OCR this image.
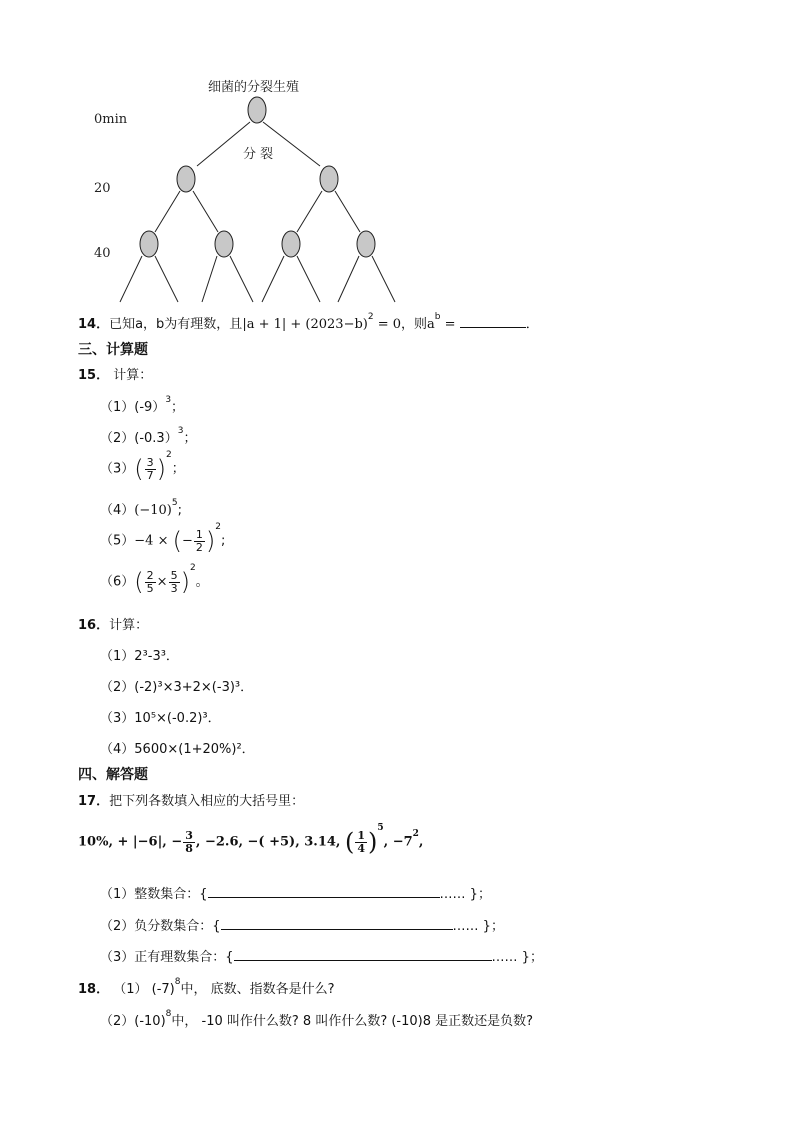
细菌的分裂生殖
分 裂
0min
20
40
14．已知a，b为有理数，且$|a + 1| + (2023-b)^2 = 0$，则$a^b$ =	．
三、计算题
15． 计算：
（1）(-9）$^3$；
（2）(-0.3）$^3$；
$(3)( \frac{3}{7} )^2$；
$(4)(-10)^5$;
（5）−4 × (− $\frac{1}{2} )^2$;
$(6)( \frac{2}{5} \times \frac{5}{3} )^2$。
16．计算：
（1）2³-3³．
（2）(-2)³×3+2×(-3)³．
（3）10⁵×(-0.2)³．
（4）5600×(1+20%)²．
四、解答题
17．把下列各数填入相应的大括号里：
10%, + |−6|, − $\frac{3}{8}$ , −2.6, −( +5), 3.14, ( $\frac{1}{4} )^5$, $-7^2$,
（1）整数集合：{	…… }；
（2）负分数集合：{	…… }；
（3）正有理数集合：{	…… }；
18． （1） $(-7)^8$中， 底数、指数各是什么?
$(2)(-10)^8$中， -10 叫作什么数? 8 叫作什么数? (-10)8 是正数还是负数?
